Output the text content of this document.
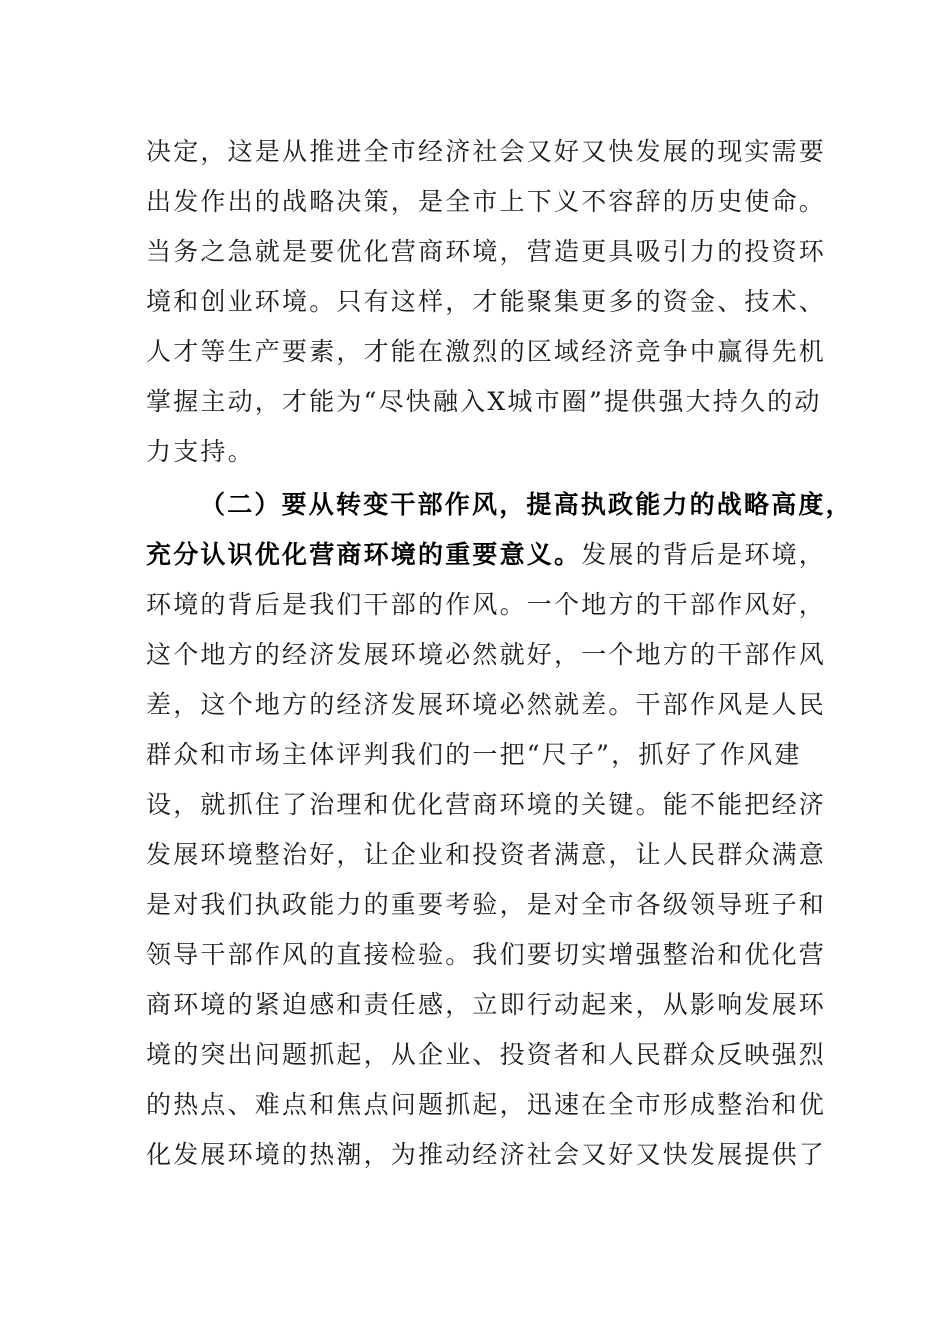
决定，这是从推进全市经济社会又好又快发展的现实需要
出发作出的战略决策，是全市上下义不容辞的历史使命。
当务之急就是要优化营商环境，营造更具吸引力的投资环
境和创业环境。只有这样，才能聚集更多的资金、技术、
人才等生产要素，才能在激烈的区域经济竞争中赢得先机
掌握主动，才能为“尽快融入X城市圈”提供强大持久的动
力支持。
（二）要从转变干部作风，提高执政能力的战略高度，
充分认识优化营商环境的重要意义。发展的背后是环境，
环境的背后是我们干部的作风。一个地方的干部作风好，
这个地方的经济发展环境必然就好，一个地方的干部作风
差，这个地方的经济发展环境必然就差。干部作风是人民
群众和市场主体评判我们的一把“尺子”，抓好了作风建
设，就抓住了治理和优化营商环境的关键。能不能把经济
发展环境整治好，让企业和投资者满意，让人民群众满意
是对我们执政能力的重要考验，是对全市各级领导班子和
领导干部作风的直接检验。我们要切实增强整治和优化营
商环境的紧迫感和责任感，立即行动起来，从影响发展环
境的突出问题抓起，从企业、投资者和人民群众反映强烈
的热点、难点和焦点问题抓起，迅速在全市形成整治和优
化发展环境的热潮，为推动经济社会又好又快发展提供了
